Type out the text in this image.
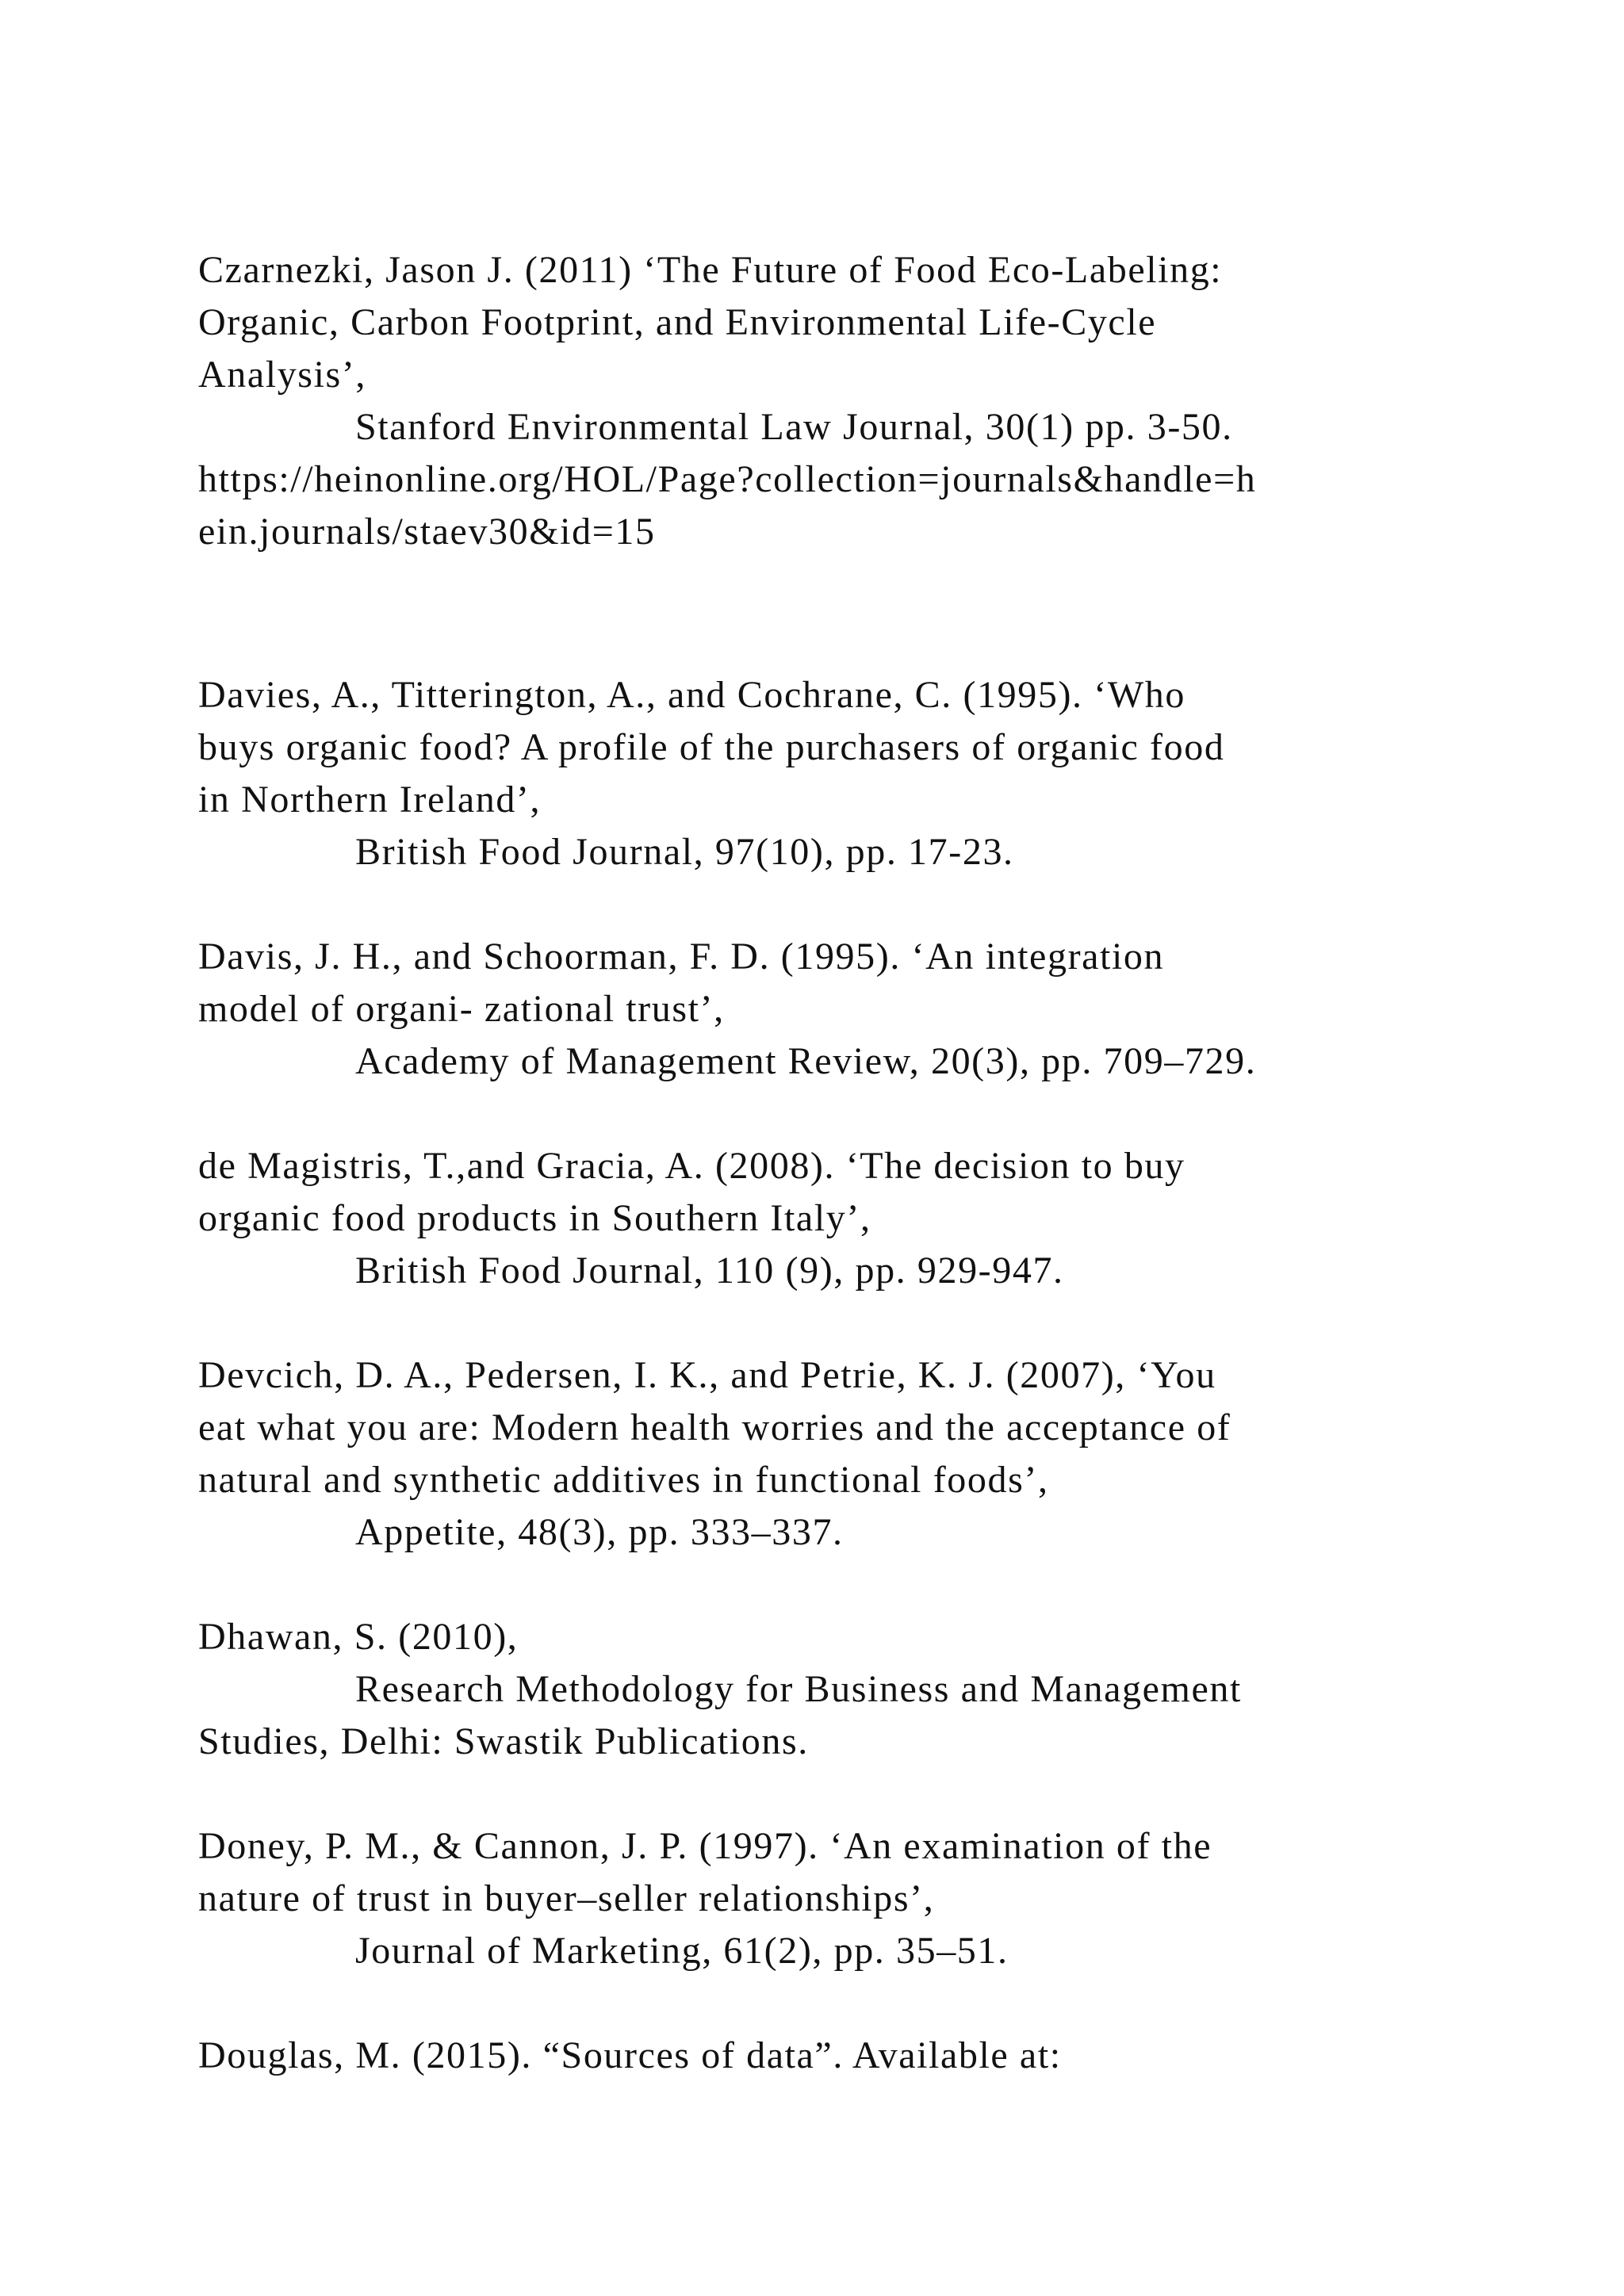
Czarnezki, Jason J. (2011) ‘The Future of Food Eco-Labeling:
Organic, Carbon Footprint, and Environmental Life-Cycle
Analysis’,
Stanford Environmental Law Journal, 30(1) pp. 3-50.
https://heinonline.org/HOL/Page?collection=journals&handle=h
ein.journals/staev30&id=15
Davies, A., Titterington, A., and Cochrane, C. (1995). ‘Who
buys organic food? A profile of the purchasers of organic food
in Northern Ireland’,
British Food Journal, 97(10), pp. 17-23.
Davis, J. H., and Schoorman, F. D. (1995). ‘An integration
model of organi- zational trust’,
Academy of Management Review, 20(3), pp. 709–729.
de Magistris, T.,and Gracia, A. (2008). ‘The decision to buy
organic food products in Southern Italy’,
British Food Journal, 110 (9), pp. 929-947.
Devcich, D. A., Pedersen, I. K., and Petrie, K. J. (2007), ‘You
eat what you are: Modern health worries and the acceptance of
natural and synthetic additives in functional foods’,
Appetite, 48(3), pp. 333–337.
Dhawan, S. (2010),
Research Methodology for Business and Management
Studies, Delhi: Swastik Publications.
Doney, P. M., & Cannon, J. P. (1997). ‘An examination of the
nature of trust in buyer–seller relationships’,
Journal of Marketing, 61(2), pp. 35–51.
Douglas, M. (2015). “Sources of data”. Available at:
